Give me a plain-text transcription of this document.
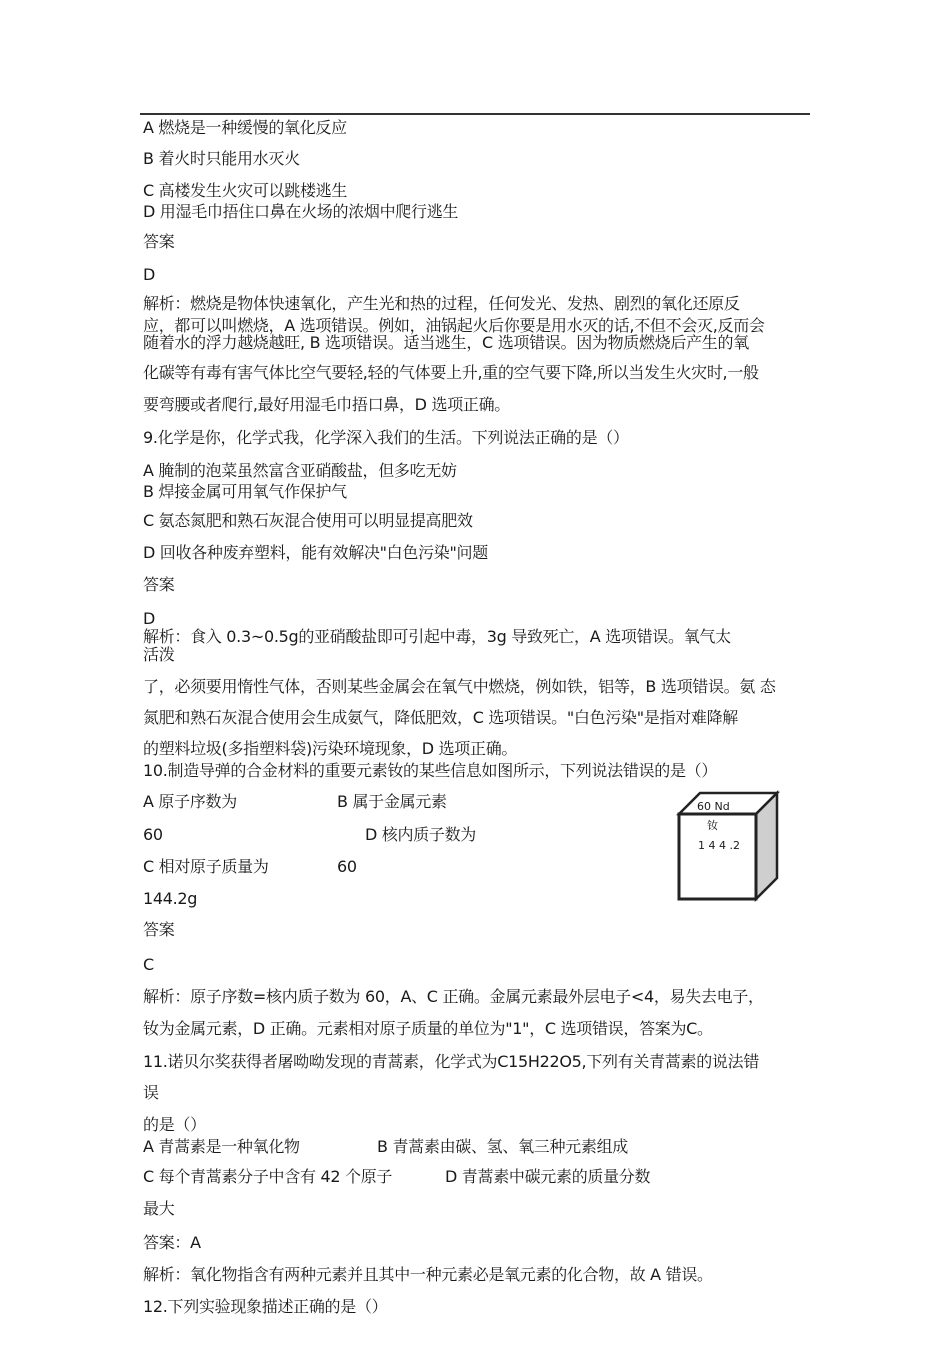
A 燃烧是一种缓慢的氧化反应
B 着火时只能用水灭火
C 高楼发生火灾可以跳楼逃生
D 用湿毛巾捂住口鼻在火场的浓烟中爬行逃生
答案
D
解析：燃烧是物体快速氧化，产生光和热的过程，任何发光、发热、剧烈的氧化还原反
应，都可以叫燃烧，A 选项错误。例如，油锅起火后你要是用水灭的话,不但不会灭,反而会
随着水的浮力越烧越旺, B 选项错误。适当逃生，C 选项错误。因为物质燃烧后产生的氧
化碳等有毒有害气体比空气要轻,轻的气体要上升,重的空气要下降,所以当发生火灾时,一般
要弯腰或者爬行,最好用湿毛巾捂口鼻，D 选项正确。
9.化学是你，化学式我，化学深入我们的生活。下列说法正确的是（）
A 腌制的泡菜虽然富含亚硝酸盐，但多吃无妨
B 焊接金属可用氧气作保护气
C 氨态氮肥和熟石灰混合使用可以明显提高肥效
D 回收各种废弃塑料，能有效解决"白色污染"问题
答案
D
解析：食入 0.3~0.5g的亚硝酸盐即可引起中毒，3g 导致死亡，A 选项错误。氧气太
活泼
了，必须要用惰性气体，否则某些金属会在氧气中燃烧，例如铁，铝等，B 选项错误。氨 态
氮肥和熟石灰混合使用会生成氨气，降低肥效，C 选项错误。"白色污染"是指对难降解
的塑料垃圾(多指塑料袋)污染环境现象，D 选项正确。
10.制造导弹的合金材料的重要元素钕的某些信息如图所示，下列说法错误的是（）
A 原子序数为	B 属于金属元素
60	D 核内质子数为
C 相对原子质量为	60
144.2g
60 Nd
钕
1 4 4 .2
答案
C
解析：原子序数=核内质子数为 60，A、C 正确。金属元素最外层电子<4，易失去电子，
钕为金属元素，D 正确。元素相对原子质量的单位为"1"，C 选项错误，答案为C。
11.诺贝尔奖获得者屠呦呦发现的青蒿素，化学式为C15H22O5,下列有关青蒿素的说法错
误
的是（）
A 青蒿素是一种氧化物	B 青蒿素由碳、氢、氧三种元素组成
C 每个青蒿素分子中含有 42 个原子	D 青蒿素中碳元素的质量分数
最大
答案：A
解析：氧化物指含有两种元素并且其中一种元素必是氧元素的化合物，故 A 错误。
12.下列实验现象描述正确的是（）
